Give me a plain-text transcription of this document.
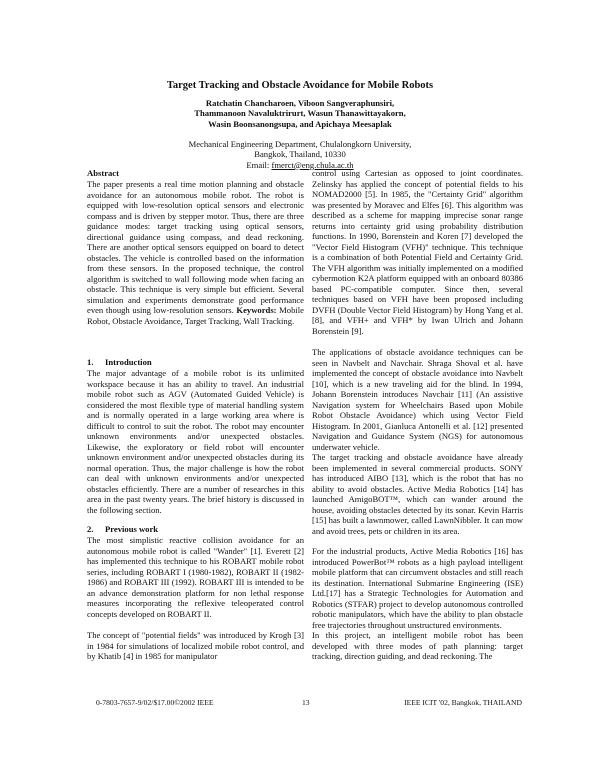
Target Tracking and Obstacle Avoidance for Mobile Robots
Ratchatin Chancharoen, Viboon Sangveraphunsiri,
Thammanoon Navaluktrirurt, Wasun Thanawittayakorn,
Wasin Boonsanongsupa, and Apichaya Meesaplak
Mechanical Engineering Department, Chulalongkorn University,
Bangkok, Thailand, 10330
Email: fmerct@eng.chula.ac.th
Abstract
The paper presents a real time motion planning and obstacle avoidance for an autonomous mobile robot. The robot is equipped with low-resolution optical sensors and electronic compass and is driven by stepper motor. Thus, there are three guidance modes: target tracking using optical sensors, directional guidance using compass, and dead reckoning. There are another optical sensors equipped on board to detect obstacles. The vehicle is controlled based on the information from these sensors. In the proposed technique, the control algorithm is switched to wall following mode when facing an obstacle. This technique is very simple but efficient. Several simulation and experiments demonstrate good performance even though using low-resolution sensors. Keywords: Mobile Robot, Obstacle Avoidance, Target Tracking, Wall Tracking.
1. Introduction
The major advantage of a mobile robot is its unlimited workspace because it has an ability to travel. An industrial mobile robot such as AGV (Automated Guided Vehicle) is considered the most flexible type of material handling system and is normally operated in a large working area where is difficult to control to suit the robot. The robot may encounter unknown environments and/or unexpected obstacles. Likewise, the exploratory or field robot will encounter unknown environment and/or unexpected obstacles during its normal operation. Thus, the major challenge is how the robot can deal with unknown environments and/or unexpected obstacles efficiently. There are a number of researches in this area in the past twenty years. The brief history is discussed in the following section.
2. Previous work
The most simplistic reactive collision avoidance for an autonomous mobile robot is called "Wander" [1]. Everett [2] has implemented this technique to his ROBART mobile robot series, including ROBART I (1980-1982), ROBART II (1982-1986) and ROBART III (1992). ROBART III is intended to be an advance demonstration platform for non lethal response measures incorporating the reflexive teleoperated control concepts developed on ROBART II.
The concept of "potential fields" was introduced by Krogh [3] in 1984 for simulations of localized mobile robot control, and by Khatib [4] in 1985 for manipulator
control using Cartesian as opposed to joint coordinates. Zelinsky has applied the concept of potential fields to his NOMAD2000 [5]. In 1985, the "Certainty Grid" algorithm was presented by Moravec and Elfes [6]. This algorithm was described as a scheme for mapping imprecise sonar range returns into certainty grid using probability distribution functions. In 1990, Borenstein and Koren [7] developed the "Vector Field Histogram (VFH)" technique. This technique is a combination of both Potential Field and Certainty Grid. The VFH algorithm was initially implemented on a modified cybermotion K2A platform equipped with an onboard 80386 based PC-compatible computer. Since then, several techniques based on VFH have been proposed including DVFH (Double Vector Field Histogram) by Hong Yang et al. [8], and VFH+ and VFH* by Iwan Ulrich and Johann Borenstein [9].
The applications of obstacle avoidance techniques can be seen in Navbelt and Navchair. Shraga Shoval et al. have implemented the concept of obstacle avoidance into Navbelt [10], which is a new traveling aid for the blind. In 1994, Johann Borenstein introduces Navchair [11] (An assistive Navigation system for Wheelchairs Based upon Mobile Robot Obstacle Avoidance) which using Vector Field Histogram. In 2001, Gianluca Antonelli et al. [12] presented Navigation and Guidance System (NGS) for autonomous underwater vehicle.
The target tracking and obstacle avoidance have already been implemented in several commercial products. SONY has introduced AIBO [13], which is the robot that has no ability to avoid obstacles. Active Media Robotics [14] has launched AmigoBOT™, which can wander around the house, avoiding obstacles detected by its sonar. Kevin Harris [15] has built a lawnmower, called LawnNibbler. It can mow and avoid trees, pets or children in its area.
For the industrial products, Active Media Robotics [16] has introduced PowerBot™ robots as a high payload intelligent mobile platform that can circumvent obstacles and still reach its destination. International Submarine Engineering (ISE) Ltd.[17] has a Strategic Technologies for Automation and Robotics (STFAR) project to develop autonomous controlled robotic manipulators, which have the ability to plan obstacle free trajectories throughout unstructured environments.
In this project, an intelligent mobile robot has been developed with three modes of path planning: target tracking, direction guiding, and dead reckoning. The
0-7803-7657-9/02/$17.00©2002 IEEE	13	IEEE ICIT '02, Bangkok, THAILAND
